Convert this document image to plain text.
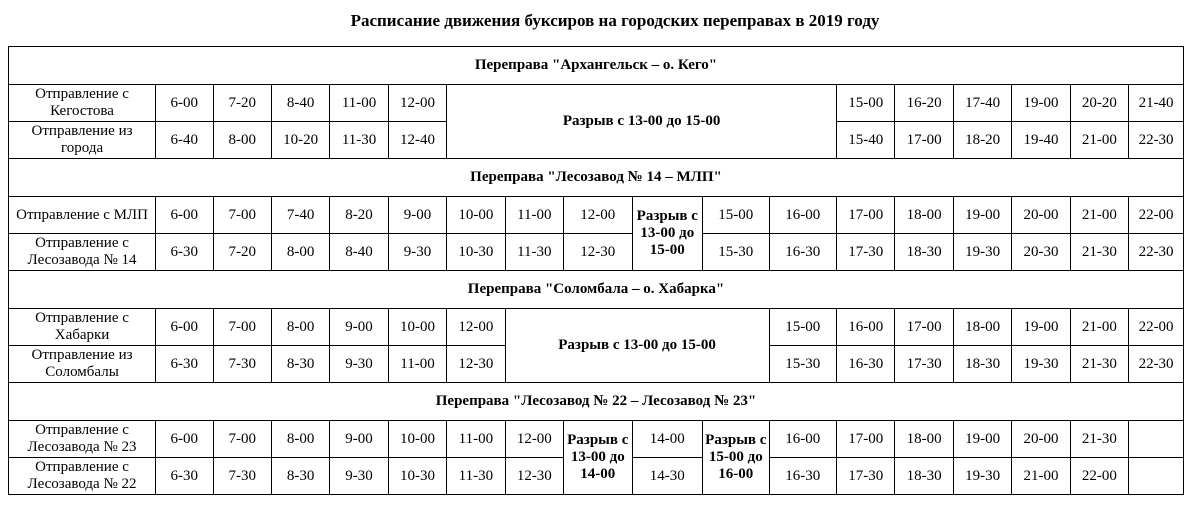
Расписание движения буксиров на городских переправах в 2019 году
Переправа "Архангельск – о. Кего"																	
Отправление с Кегостова	6-00	7-20	8-40	11-00	12-00	Разрыв с 13-00 до 15-00						15-00	16-20	17-40	19-00	20-20	21-40
Отправление из города	6-40	8-00	10-20	11-30	12-40							15-40	17-00	18-20	19-40	21-00	22-30
Переправа "Лесозавод № 14 – МЛП"																	
Отправление с МЛП	6-00	7-00	7-40	8-20	9-00	10-00	11-00	12-00	Разрыв с 13-00 до 15-00	15-00	16-00	17-00	18-00	19-00	20-00	21-00	22-00
Отправление с Лесозавода № 14	6-30	7-20	8-00	8-40	9-30	10-30	11-30	12-30		15-30	16-30	17-30	18-30	19-30	20-30	21-30	22-30
Переправа "Соломбала – о. Хабарка"																	
Отправление с Хабарки	6-00	7-00	8-00	9-00	10-00	12-00	Разрыв с 13-00 до 15-00				15-00	16-00	17-00	18-00	19-00	21-00	22-00
Отправление из Соломбалы	6-30	7-30	8-30	9-30	11-00	12-30					15-30	16-30	17-30	18-30	19-30	21-30	22-30
Переправа "Лесозавод № 22 – Лесозавод № 23"																	
Отправление с Лесозавода № 23	6-00	7-00	8-00	9-00	10-00	11-00	12-00	Разрыв с 13-00 до 14-00	14-00	Разрыв с 15-00 до 16-00	16-00	17-00	18-00	19-00	20-00	21-30	
Отправление с Лесозавода № 22	6-30	7-30	8-30	9-30	10-30	11-30	12-30		14-30		16-30	17-30	18-30	19-30	21-00	22-00	
